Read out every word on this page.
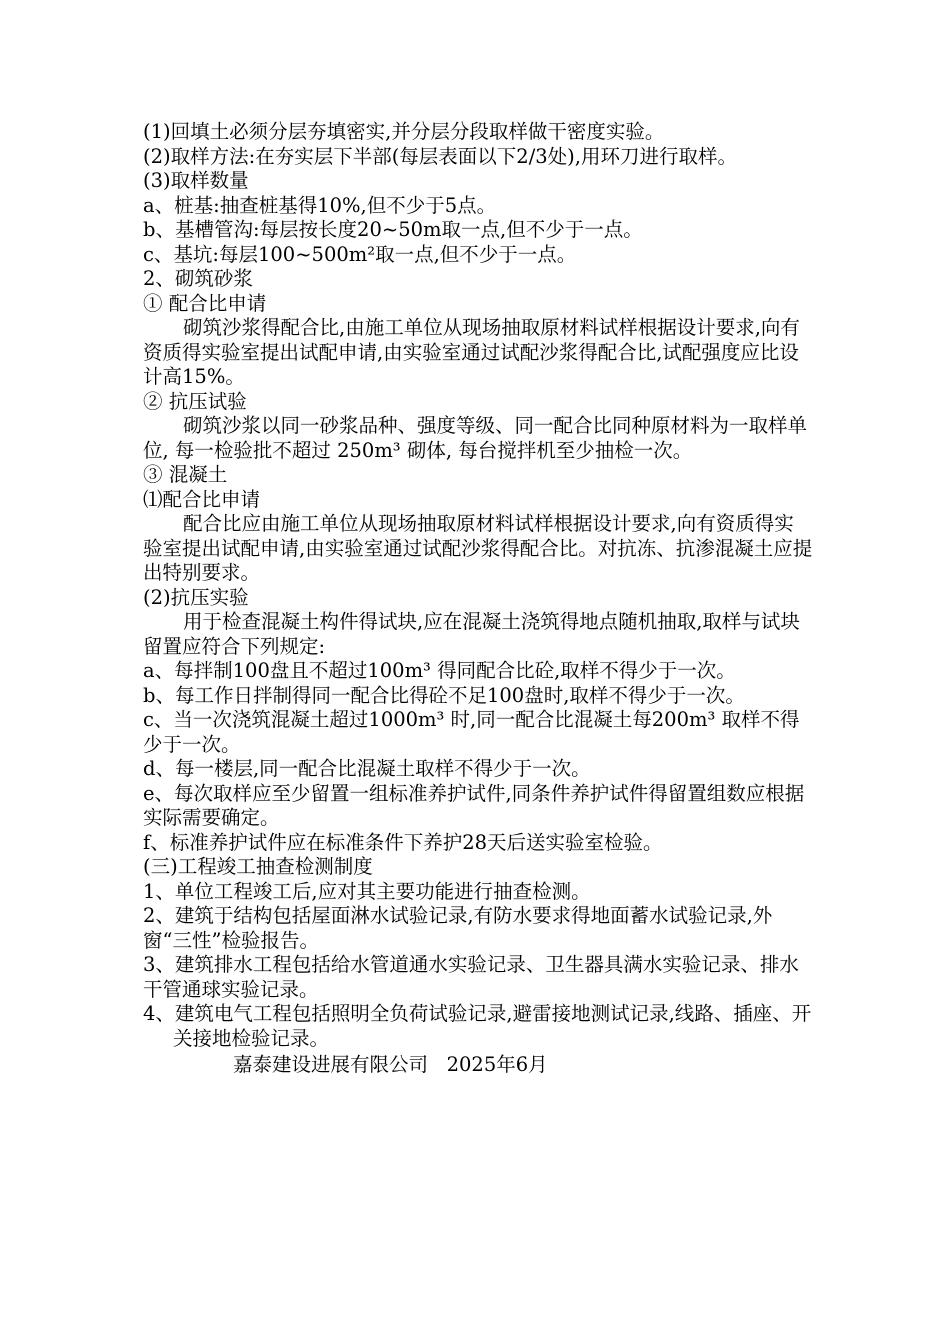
(1)回填土必须分层夯填密实,并分层分段取样做干密度实验。

(2)取样方法:在夯实层下半部(每层表面以下2/3处),用环刀进行取样。

(3)取样数量

a、桩基:抽查桩基得10%,但不少于5点。

b、基槽管沟:每层按长度20~50m取一点,但不少于一点。

c、基坑:每层100~500m²取一点,但不少于一点。

2、砌筑砂浆

① 配合比申请

砌筑沙浆得配合比,由施工单位从现场抽取原材料试样根据设计要求,向有资质得实验室提出试配申请,由实验室通过试配沙浆得配合比,试配强度应比设计高15%。

② 抗压试验

砌筑沙浆以同一砂浆品种、强度等级、同一配合比同种原材料为一取样单位, 每一检验批不超过 250m³ 砌体, 每台搅拌机至少抽检一次。

③ 混凝土

⑴配合比申请

配合比应由施工单位从现场抽取原材料试样根据设计要求,向有资质得实验室提出试配申请,由实验室通过试配沙浆得配合比。对抗冻、抗渗混凝土应提出特别要求。

(2)抗压实验

用于检查混凝土构件得试块,应在混凝土浇筑得地点随机抽取,取样与试块留置应符合下列规定:

a、每拌制100盘且不超过100m³ 得同配合比砼,取样不得少于一次。

b、每工作日拌制得同一配合比得砼不足100盘时,取样不得少于一次。

c、当一次浇筑混凝土超过1000m³ 时,同一配合比混凝土每200m³ 取样不得少于一次。

d、每一楼层,同一配合比混凝土取样不得少于一次。

e、每次取样应至少留置一组标准养护试件,同条件养护试件得留置组数应根据实际需要确定。

f、标准养护试件应在标准条件下养护28天后送实验室检验。

(三)工程竣工抽查检测制度

1、单位工程竣工后,应对其主要功能进行抽查检测。

2、建筑于结构包括屋面淋水试验记录,有防水要求得地面蓄水试验记录,外窗“三性”检验报告。

3、建筑排水工程包括给水管道通水实验记录、卫生器具满水实验记录、排水干管通球实验记录。

4、建筑电气工程包括照明全负荷试验记录,避雷接地测试记录,线路、插座、开关接地检验记录。

嘉泰建设进展有限公司   2025年6月
